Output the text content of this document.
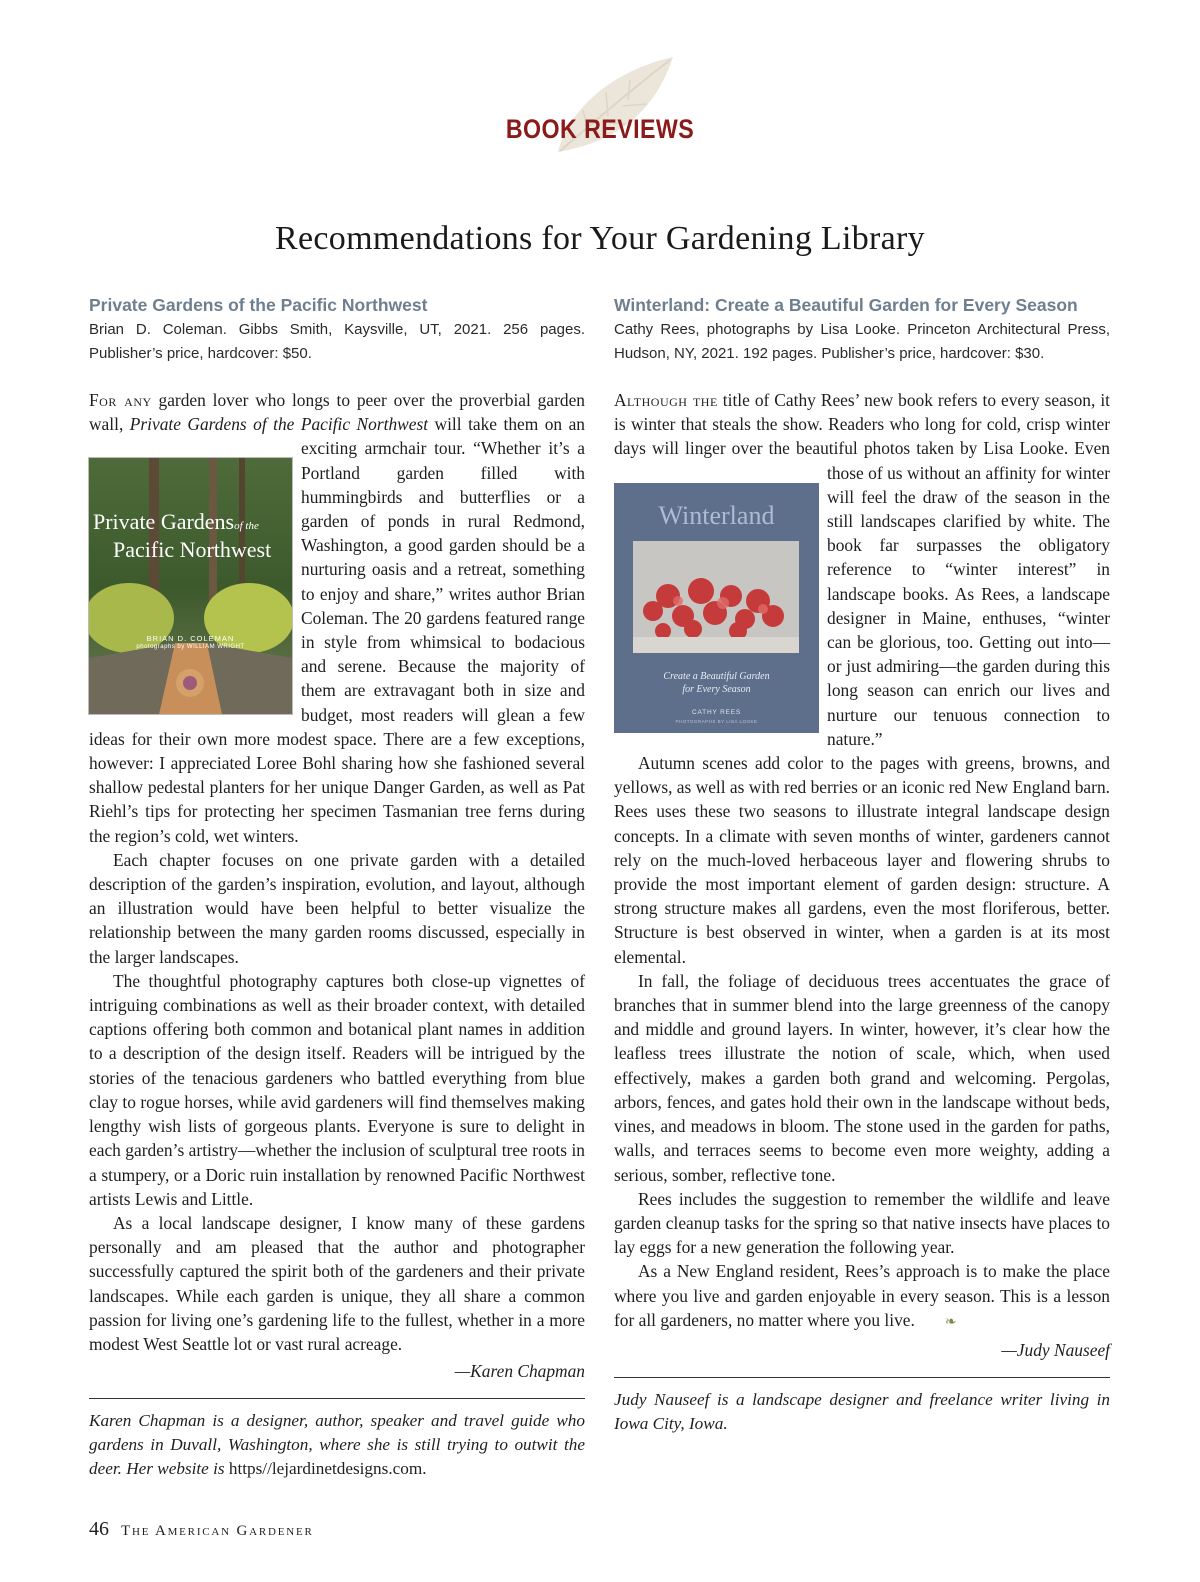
BOOK REVIEWS
Recommendations for Your Gardening Library
Private Gardens of the Pacific Northwest

Brian D. Coleman. Gibbs Smith, Kaysville, UT, 2021. 256 pages. Publisher’s price, hardcover: $50.

For any garden lover who longs to peer over the proverbial garden wall, Private Gardens of the Pacific Northwest will take them on an exciting armchair tour. “Whether it’s a Portland garden filled with hummingbirds and butterflies or a garden of ponds in rural Redmond, Washington, a good garden should be a nurturing oasis and a retreat, something to enjoy and share,” writes author Brian Coleman. The 20 gardens featured range in style from whimsical to bodacious and serene. Because the majority of them are extravagant both in size and budget, most readers will glean a few ideas for their own more modest space. There are a few exceptions, however: I appreciated Loree Bohl sharing how she fashioned several shallow pedestal planters for her unique Danger Garden, as well as Pat Riehl’s tips for protecting her specimen Tasmanian tree ferns during the region’s cold, wet winters.

Each chapter focuses on one private garden with a detailed description of the garden’s inspiration, evolution, and layout, although an illustration would have been helpful to better visualize the relationship between the many garden rooms discussed, especially in the larger landscapes.

The thoughtful photography captures both close-up vignettes of intriguing combinations as well as their broader context, with detailed captions offering both common and botanical plant names in addition to a description of the design itself. Readers will be intrigued by the stories of the tenacious gardeners who battled everything from blue clay to rogue horses, while avid gardeners will find themselves making lengthy wish lists of gorgeous plants. Everyone is sure to delight in each garden’s artistry—whether the inclusion of sculptural tree roots in a stumpery, or a Doric ruin installation by renowned Pacific Northwest artists Lewis and Little.

As a local landscape designer, I know many of these gardens personally and am pleased that the author and photographer successfully captured the spirit both of the gardeners and their private landscapes. While each garden is unique, they all share a common passion for living one’s gardening life to the fullest, whether in a more modest West Seattle lot or vast rural acreage.

—Karen Chapman

Karen Chapman is a designer, author, speaker and travel guide who gardens in Duvall, Washington, where she is still trying to outwit the deer. Her website is https//lejardinetdesigns.com.

Winterland: Create a Beautiful Garden for Every Season

Cathy Rees, photographs by Lisa Looke. Princeton Architectural Press, Hudson, NY, 2021. 192 pages. Publisher’s price, hardcover: $30.

Although the title of Cathy Rees’ new book refers to every season, it is winter that steals the show. Readers who long for cold, crisp winter days will linger over the beautiful photos taken by Lisa Looke. Even those of us without an affinity for winter will feel the draw of the season in the still landscapes clarified by white. The book far surpasses the obligatory reference to “winter interest” in landscape books. As Rees, a landscape designer in Maine, enthuses, “winter can be glorious, too. Getting out into—or just admiring—the garden during this long season can enrich our lives and nurture our tenuous connection to nature.”

Autumn scenes add color to the pages with greens, browns, and yellows, as well as with red berries or an iconic red New England barn. Rees uses these two seasons to illustrate integral landscape design concepts. In a climate with seven months of winter, gardeners cannot rely on the much-loved herbaceous layer and flowering shrubs to provide the most important element of garden design: structure. A strong structure makes all gardens, even the most floriferous, better. Structure is best observed in winter, when a garden is at its most elemental.

In fall, the foliage of deciduous trees accentuates the grace of branches that in summer blend into the large greenness of the canopy and middle and ground layers. In winter, however, it’s clear how the leafless trees illustrate the notion of scale, which, when used effectively, makes a garden both grand and welcoming. Pergolas, arbors, fences, and gates hold their own in the landscape without beds, vines, and meadows in bloom. The stone used in the garden for paths, walls, and terraces seems to become even more weighty, adding a serious, somber, reflective tone.

Rees includes the suggestion to remember the wildlife and leave garden cleanup tasks for the spring so that native insects have places to lay eggs for a new generation the following year.

As a New England resident, Rees’s approach is to make the place where you live and garden enjoyable in every season. This is a lesson for all gardeners, no matter where you live. ❧

—Judy Nauseef

Judy Nauseef is a landscape designer and freelance writer living in Iowa City, Iowa.

Private Gardensof the
Pacific Northwest
BRIAN D. COLEMAN
photographs by WILLIAM WRIGHT
Winterland
Create a Beautiful Garden
for Every Season
CATHY REES
PHOTOGRAPHS BY LISA LOOKE
46 The American Gardener
